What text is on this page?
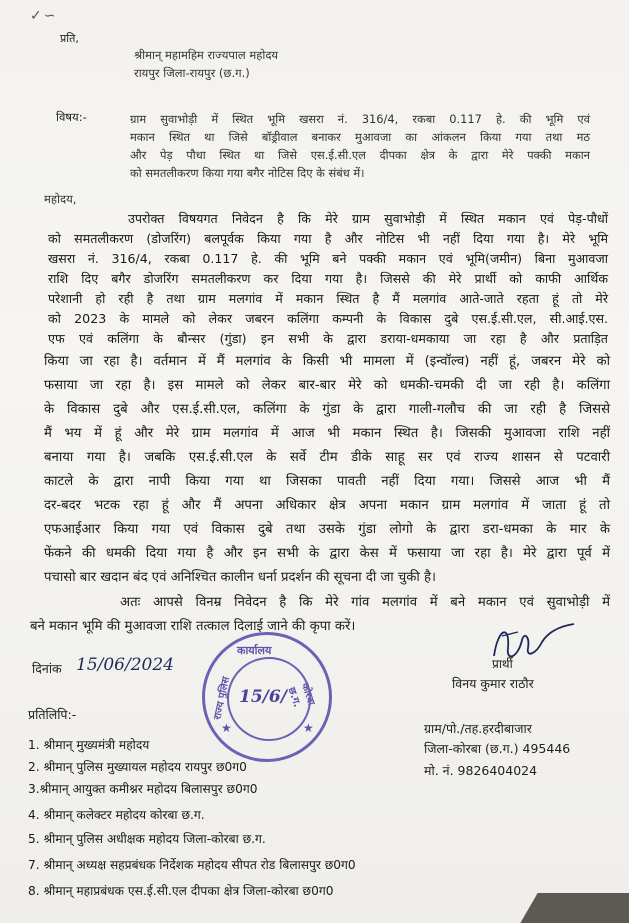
✓∽
प्रति,
श्रीमान् महामहिम राज्यपाल महोदय
रायपुर जिला-रायपुर (छ.ग.)
विषय:-	ग्राम सुवाभोड़ी में स्थित भूमि खसरा नं. 316/4, रकबा 0.117 हे. की भूमि एवं
मकान स्थित था जिसे बॉड्रीवाल बनाकर मुआवजा का आंकलन किया गया तथा मठ
और पेड़ पौधा स्थित था जिसे एस.ई.सी.एल दीपका क्षेत्र के द्वारा मेरे पक्की मकान
को समतलीकरण किया गया बगैर नोटिस दिए के संबंध में।
महोदय,
उपरोक्त विषयगत निवेदन है कि मेरे ग्राम सुवाभोड़ी में स्थित मकान एवं पेड़-पौधों
को समतलीकरण (डोजरिंग) बलपूर्वक किया गया है और नोटिस भी नहीं दिया गया है। मेरे भूमि
खसरा नं. 316/4, रकबा 0.117 हे. की भूमि बने पक्की मकान एवं भूमि(जमीन) बिना मुआवजा
राशि दिए बगैर डोजरिंग समतलीकरण कर दिया गया है। जिससे की मेरे प्रार्थी को काफी आर्थिक
परेशानी हो रही है तथा ग्राम मलगांव में मकान स्थित है मैं मलगांव आते-जाते रहता हूं तो मेरे
को 2023 के मामले को लेकर जबरन कलिंगा कम्पनी के विकास दुबे एस.ई.सी.एल, सी.आई.एस.
एफ एवं कलिंगा के बौन्सर (गुंडा) इन सभी के द्वारा डराया-धमकाया जा रहा है और प्रताड़ित
किया जा रहा है। वर्तमान में मैं मलगांव के किसी भी मामला में (इन्वॉल्व) नहीं हूं, जबरन मेरे को
फसाया जा रहा है। इस मामले को लेकर बार-बार मेरे को धमकी-चमकी दी जा रही है। कलिंगा
के विकास दुबे और एस.ई.सी.एल, कलिंगा के गुंडा के द्वारा गाली-गलौच की जा रही है जिससे
मैं भय में हूं और मेरे ग्राम मलगांव में आज भी मकान स्थित है। जिसकी मुआवजा राशि नहीं
बनाया गया है। जबकि एस.ई.सी.एल के सर्वे टीम डीके साहू सर एवं राज्य शासन से पटवारी
काटले के द्वारा नापी किया गया था जिसका पावती नहीं दिया गया। जिससे आज भी मैं
दर-बदर भटक रहा हूं और मैं अपना अधिकार क्षेत्र अपना मकान ग्राम मलगांव में जाता हूं तो
एफआईआर किया गया एवं विकास दुबे तथा उसके गुंडा लोगो के द्वारा डरा-धमका के मार के
फेंकने की धमकी दिया गया है और इन सभी के द्वारा केस में फसाया जा रहा है। मेरे द्वारा पूर्व में
पचासो बार खदान बंद एवं अनिश्चित कालीन धर्ना प्रदर्शन की सूचना दी जा चुकी है।
अतः आपसे विनम्र निवेदन है कि मेरे गांव मलगांव में बने मकान एवं सुवाभोड़ी में
बने मकान भूमि की मुआवजा राशि तत्काल दिलाई जाने की कृपा करें।
दिनांक 15/06/2024
कार्यालय
राज्य पुलिस	कोरबा छ.ग.
15/6/
★	★
प्रार्थी
विनय कुमार राठौर
ग्राम/पो./तह.हरदीबाजार
जिला-कोरबा (छ.ग.) 495446
मो. नं. 9826404024
प्रतिलिपि:-
1. श्रीमान् मुख्यमंत्री महोदय
2. श्रीमान् पुलिस मुख्यायल महोदय रायपुर छ0ग0
3.श्रीमान् आयुक्त कमीश्नर महोदय बिलासपुर छ0ग0
4. श्रीमान् कलेक्टर महोदय कोरबा छ.ग.
5. श्रीमान् पुलिस अधीक्षक महोदय जिला-कोरबा छ.ग.
7. श्रीमान् अध्यक्ष सहप्रबंधक निर्देशक महोदय सीपत रोड बिलासपुर छ0ग0
8. श्रीमान् महाप्रबंधक एस.ई.सी.एल दीपका क्षेत्र जिला-कोरबा छ0ग0
